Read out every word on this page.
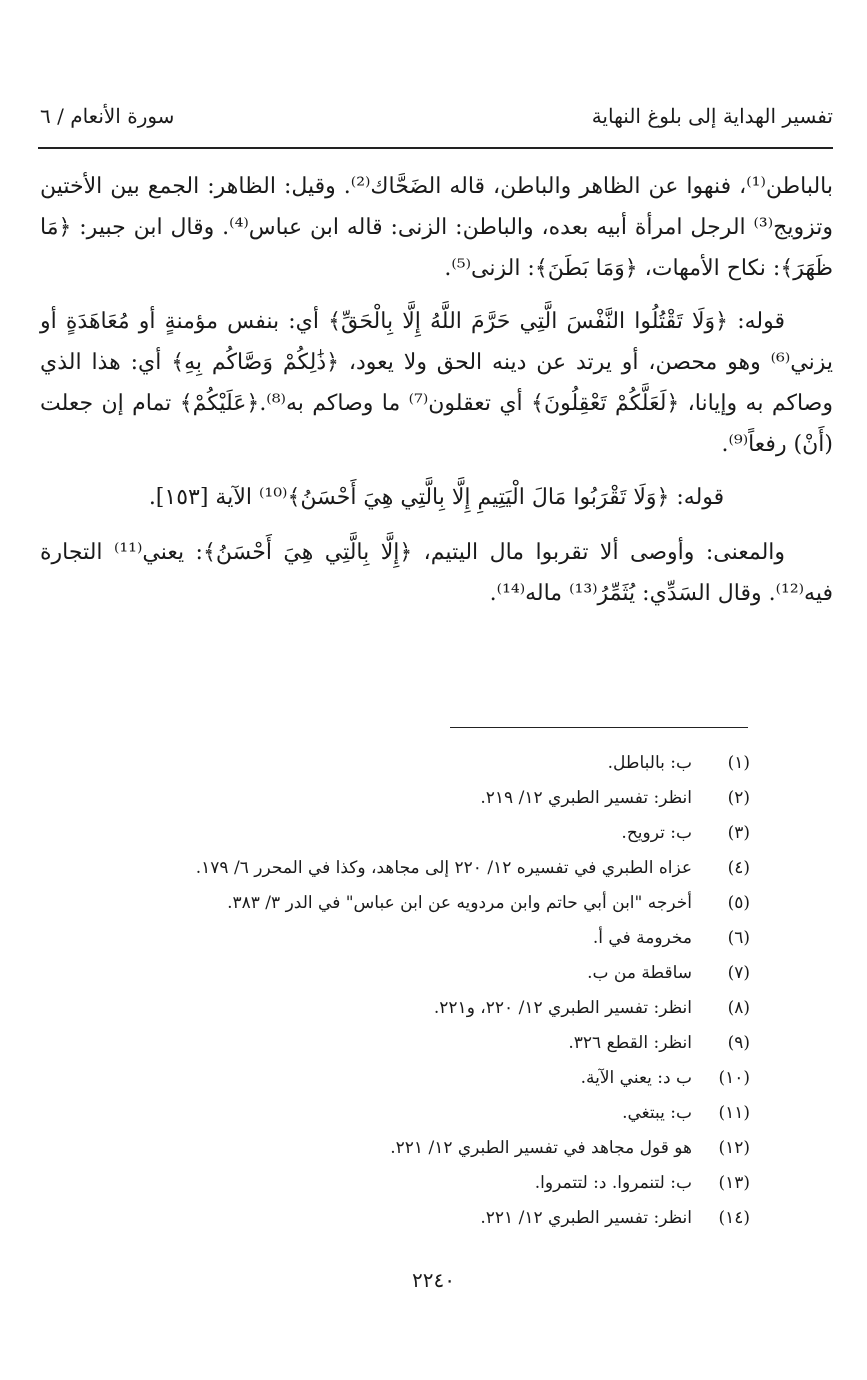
تفسير الهداية إلى بلوغ النهاية
سورة الأنعام / ٦

بالباطن⁽¹⁾، فنهوا عن الظاهر والباطن، قاله الضَحَّاك⁽²⁾. وقيل: الظاهر: الجمع بين الأختين وتزويج⁽³⁾ الرجل امرأة أبيه بعده، والباطن: الزنى: قاله ابن عباس⁽⁴⁾. وقال ابن جبير: ﴿مَا ظَهَرَ﴾: نكاح الأمهات، ﴿وَمَا بَطَنَ﴾: الزنى⁽⁵⁾.

قوله: ﴿وَلَا تَقْتُلُوا النَّفْسَ الَّتِي حَرَّمَ اللَّهُ إِلَّا بِالْحَقِّ﴾ أي: بنفس مؤمنةٍ أو مُعَاهَدَةٍ أو يزني⁽⁶⁾ وهو محصن، أو يرتد عن دينه الحق ولا يعود، ﴿ذَٰلِكُمْ وَصَّاكُم بِهِ﴾ أي: هذا الذي وصاكم به وإيانا، ﴿لَعَلَّكُمْ تَعْقِلُونَ﴾ أي تعقلون⁽⁷⁾ ما وصاكم به⁽⁸⁾.﴿عَلَيْكُمْ﴾ تمام إن جعلت (أَنْ) رفعاً⁽⁹⁾.

قوله: ﴿وَلَا تَقْرَبُوا مَالَ الْيَتِيمِ إِلَّا بِالَّتِي هِيَ أَحْسَنُ﴾⁽¹⁰⁾ الآية [١٥٣].

والمعنى: وأوصى ألا تقربوا مال اليتيم، ﴿إِلَّا بِالَّتِي هِيَ أَحْسَنُ﴾: يعني⁽¹¹⁾ التجارة فيه⁽¹²⁾. وقال السَدِّي: يُثَمِّرُ⁽¹³⁾ ماله⁽¹⁴⁾.

(١)ب: بالباطل.
(٢)انظر: تفسير الطبري ١٢/ ٢١٩.
(٣)ب: ترويح.
(٤)عزاه الطبري في تفسيره ١٢/ ٢٢٠ إلى مجاهد، وكذا في المحرر ٦/ ١٧٩.
(٥)أخرجه "ابن أبي حاتم وابن مردويه عن ابن عباس" في الدر ٣/ ٣٨٣.
(٦)مخرومة في أ.
(٧)ساقطة من ب.
(٨)انظر: تفسير الطبري ١٢/ ٢٢٠، و٢٢١.
(٩)انظر: القطع ٣٢٦.
(١٠)ب د: يعني الآية.
(١١)ب: يبتغي.
(١٢)هو قول مجاهد في تفسير الطبري ١٢/ ٢٢١.
(١٣)ب: لتنمروا. د: لتتمروا.
(١٤)انظر: تفسير الطبري ١٢/ ٢٢١.
٢٢٤٠
